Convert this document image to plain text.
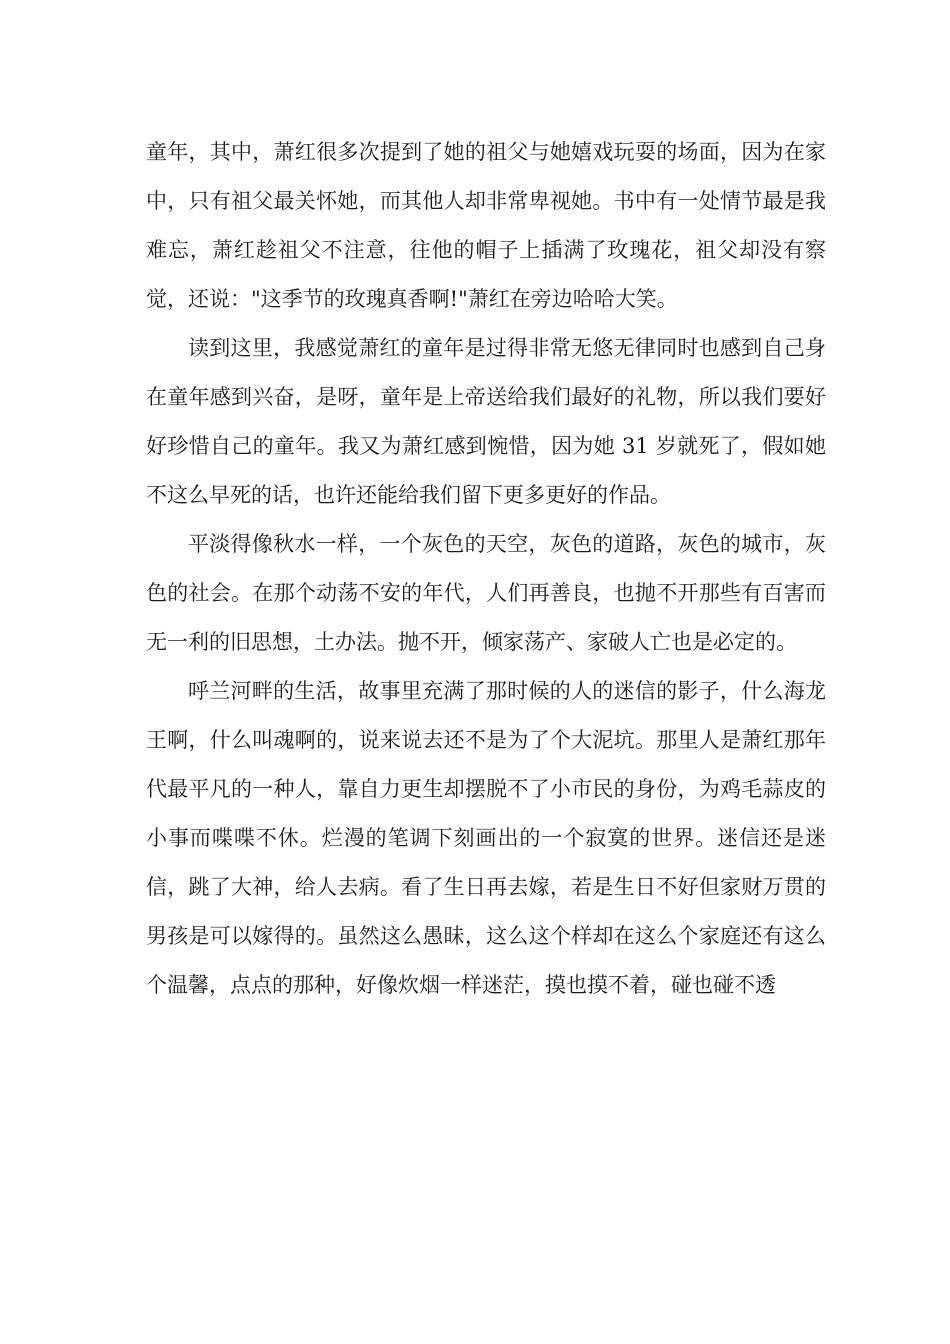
童年，其中，萧红很多次提到了她的祖父与她嬉戏玩耍的场面，因为在家中，只有祖父最关怀她，而其他人却非常卑视她。书中有一处情节最是我难忘，萧红趁祖父不注意，往他的帽子上插满了玫瑰花，祖父却没有察觉，还说："这季节的玫瑰真香啊!"萧红在旁边哈哈大笑。

读到这里，我感觉萧红的童年是过得非常无悠无律同时也感到自己身在童年感到兴奋，是呀，童年是上帝送给我们最好的礼物，所以我们要好好珍惜自己的童年。我又为萧红感到惋惜，因为她 31 岁就死了，假如她不这么早死的话，也许还能给我们留下更多更好的作品。

平淡得像秋水一样，一个灰色的天空，灰色的道路，灰色的城市，灰色的社会。在那个动荡不安的年代，人们再善良，也抛不开那些有百害而无一利的旧思想，土办法。抛不开，倾家荡产、家破人亡也是必定的。

呼兰河畔的生活，故事里充满了那时候的人的迷信的影子，什么海龙王啊，什么叫魂啊的，说来说去还不是为了个大泥坑。那里人是萧红那年代最平凡的一种人，靠自力更生却摆脱不了小市民的身份，为鸡毛蒜皮的小事而喋喋不休。烂漫的笔调下刻画出的一个寂寞的世界。迷信还是迷信，跳了大神，给人去病。看了生日再去嫁，若是生日不好但家财万贯的男孩是可以嫁得的。虽然这么愚昧，这么这个样却在这么个家庭还有这么个温馨，点点的那种，好像炊烟一样迷茫，摸也摸不着，碰也碰不透
